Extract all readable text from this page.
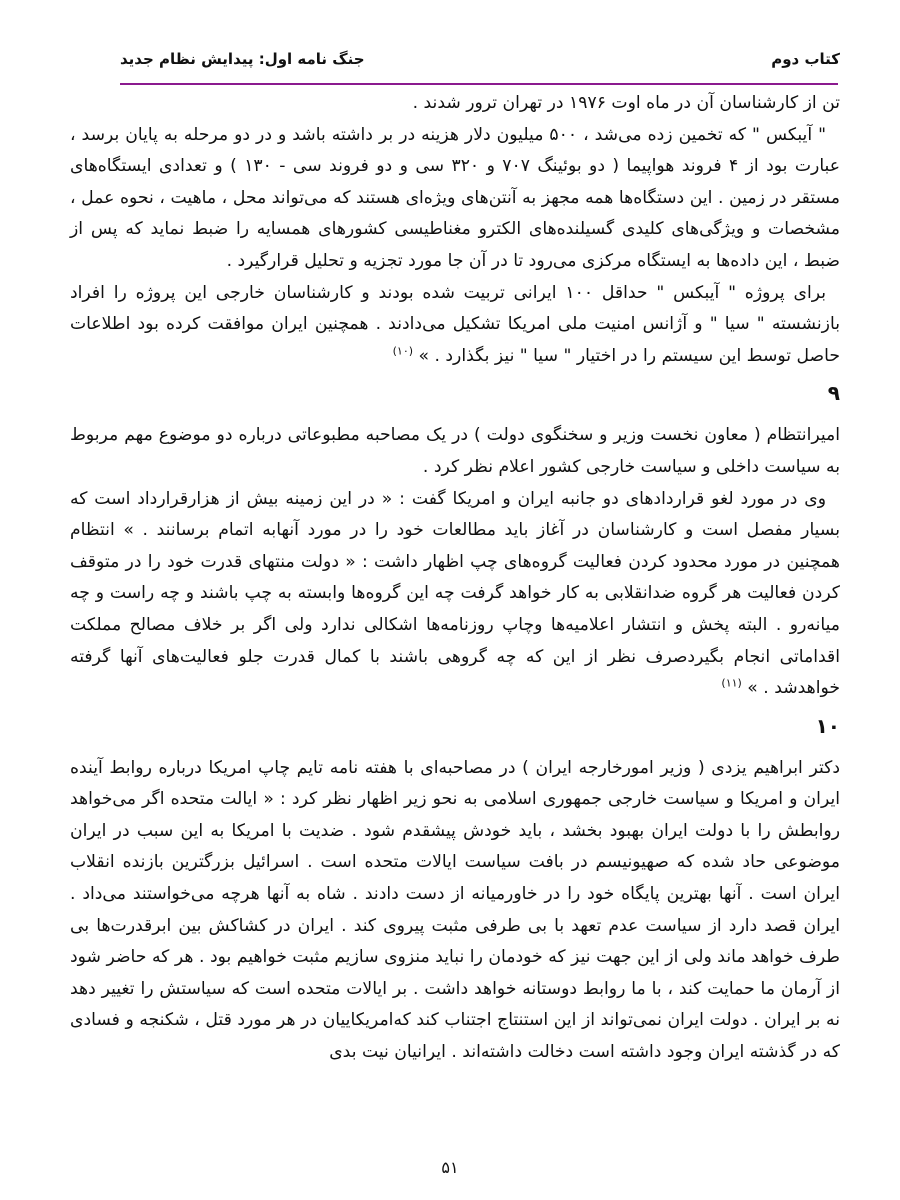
کتاب دوم
جنگ نامه اول: پیدایش نظام جدید

تن از کارشناسان آن در ماه اوت ۱۹۷۶ در تهران ترور شدند .

" آیبکس " که تخمین زده می‌شد ، ۵۰۰ میلیون دلار هزینه در بر داشته باشد و در دو مرحله به پایان برسد ، عبارت بود از ۴ فروند هواپیما ( دو بوئینگ ۷۰۷ و ۳۲۰ سی و دو فروند سی - ۱۳۰ ) و تعدادی ایستگاه‌های مستقر در زمین . این دستگاه‌ها همه مجهز به آنتن‌های ویژه‌ای هستند که می‌تواند محل ، ماهیت ، نحوه عمل ، مشخصات و ویژگی‌های کلیدی گسیلنده‌های الکترو مغناطیسی کشورهای همسایه را ضبط نماید که پس از ضبط ، این داده‌ها به ایستگاه مرکزی می‌رود تا در آن جا مورد تجزیه و تحلیل قرارگیرد .

برای پروژه " آیبکس " حداقل ۱۰۰ ایرانی تربیت شده بودند و کارشناسان خارجی این پروژه را افراد بازنشسته " سیا " و آژانس امنیت ملی امریکا تشکیل می‌دادند . همچنین ایران موافقت کرده بود اطلاعات حاصل توسط این سیستم را در اختیار " سیا " نیز بگذارد . » $^{(۱۰)}$

۹

امیرانتظام ( معاون نخست وزیر و سخنگوی دولت ) در یک مصاحبه مطبوعاتی درباره دو موضوع مهم مربوط به سیاست داخلی و سیاست خارجی کشور اعلام نظر کرد .

وی در مورد لغو قراردادهای دو جانبه ایران و امریکا گفت : « در این زمینه بیش از هزارقرارداد است که بسیار مفصل است و کارشناسان در آغاز باید مطالعات خود را در مورد آنهابه اتمام برسانند . » انتظام همچنین در مورد محدود کردن فعالیت گروه‌های چپ اظهار داشت : « دولت منتهای قدرت خود را در متوقف کردن فعالیت هر گروه ضدانقلابی به کار خواهد گرفت چه این گروه‌ها وابسته به چپ باشند و چه راست و چه میانه‌رو . البته پخش و انتشار اعلامیه‌ها وچاپ روزنامه‌ها اشکالی ندارد ولی اگر بر خلاف مصالح مملکت اقداماتی انجام بگیردصرف نظر از این که چه گروهی باشند با کمال قدرت جلو فعالیت‌های آنها گرفته خواهدشد . » $^{(۱۱)}$

۱۰

دکتر ابراهیم یزدی ( وزیر امورخارجه ایران ) در مصاحبه‌ای با هفته نامه تایم چاپ امریکا درباره روابط آینده ایران و امریکا و سیاست خارجی جمهوری اسلامی به نحو زیر اظهار نظر کرد : « ایالت متحده اگر می‌خواهد روابطش را با دولت ایران بهبود بخشد ، باید خودش پیشقدم شود . ضدیت با امریکا به این سبب در ایران موضوعی حاد شده که صهیونیسم در بافت سیاست ایالات متحده است . اسرائیل بزرگترین بازنده انقلاب ایران است . آنها بهترین پایگاه خود را در خاورمیانه از دست دادند . شاه به آنها هرچه می‌خواستند می‌داد . ایران قصد دارد از سیاست عدم تعهد با بی طرفی مثبت پیروی کند . ایران در کشاکش بین ابرقدرت‌ها بی طرف خواهد ماند ولی از این جهت نیز که خودمان را نباید منزوی سازیم مثبت خواهیم بود . هر که حاضر شود از آرمان ما حمایت کند ، با ما روابط دوستانه خواهد داشت . بر ایالات متحده است که سیاستش را تغییر دهد نه بر ایران . دولت ایران نمی‌تواند از این استنتاج اجتناب کند که‌امریکاییان در هر مورد قتل ، شکنجه و فسادی که در گذشته ایران وجود داشته است دخالت داشته‌اند . ایرانیان نیت بدی

۵۱
